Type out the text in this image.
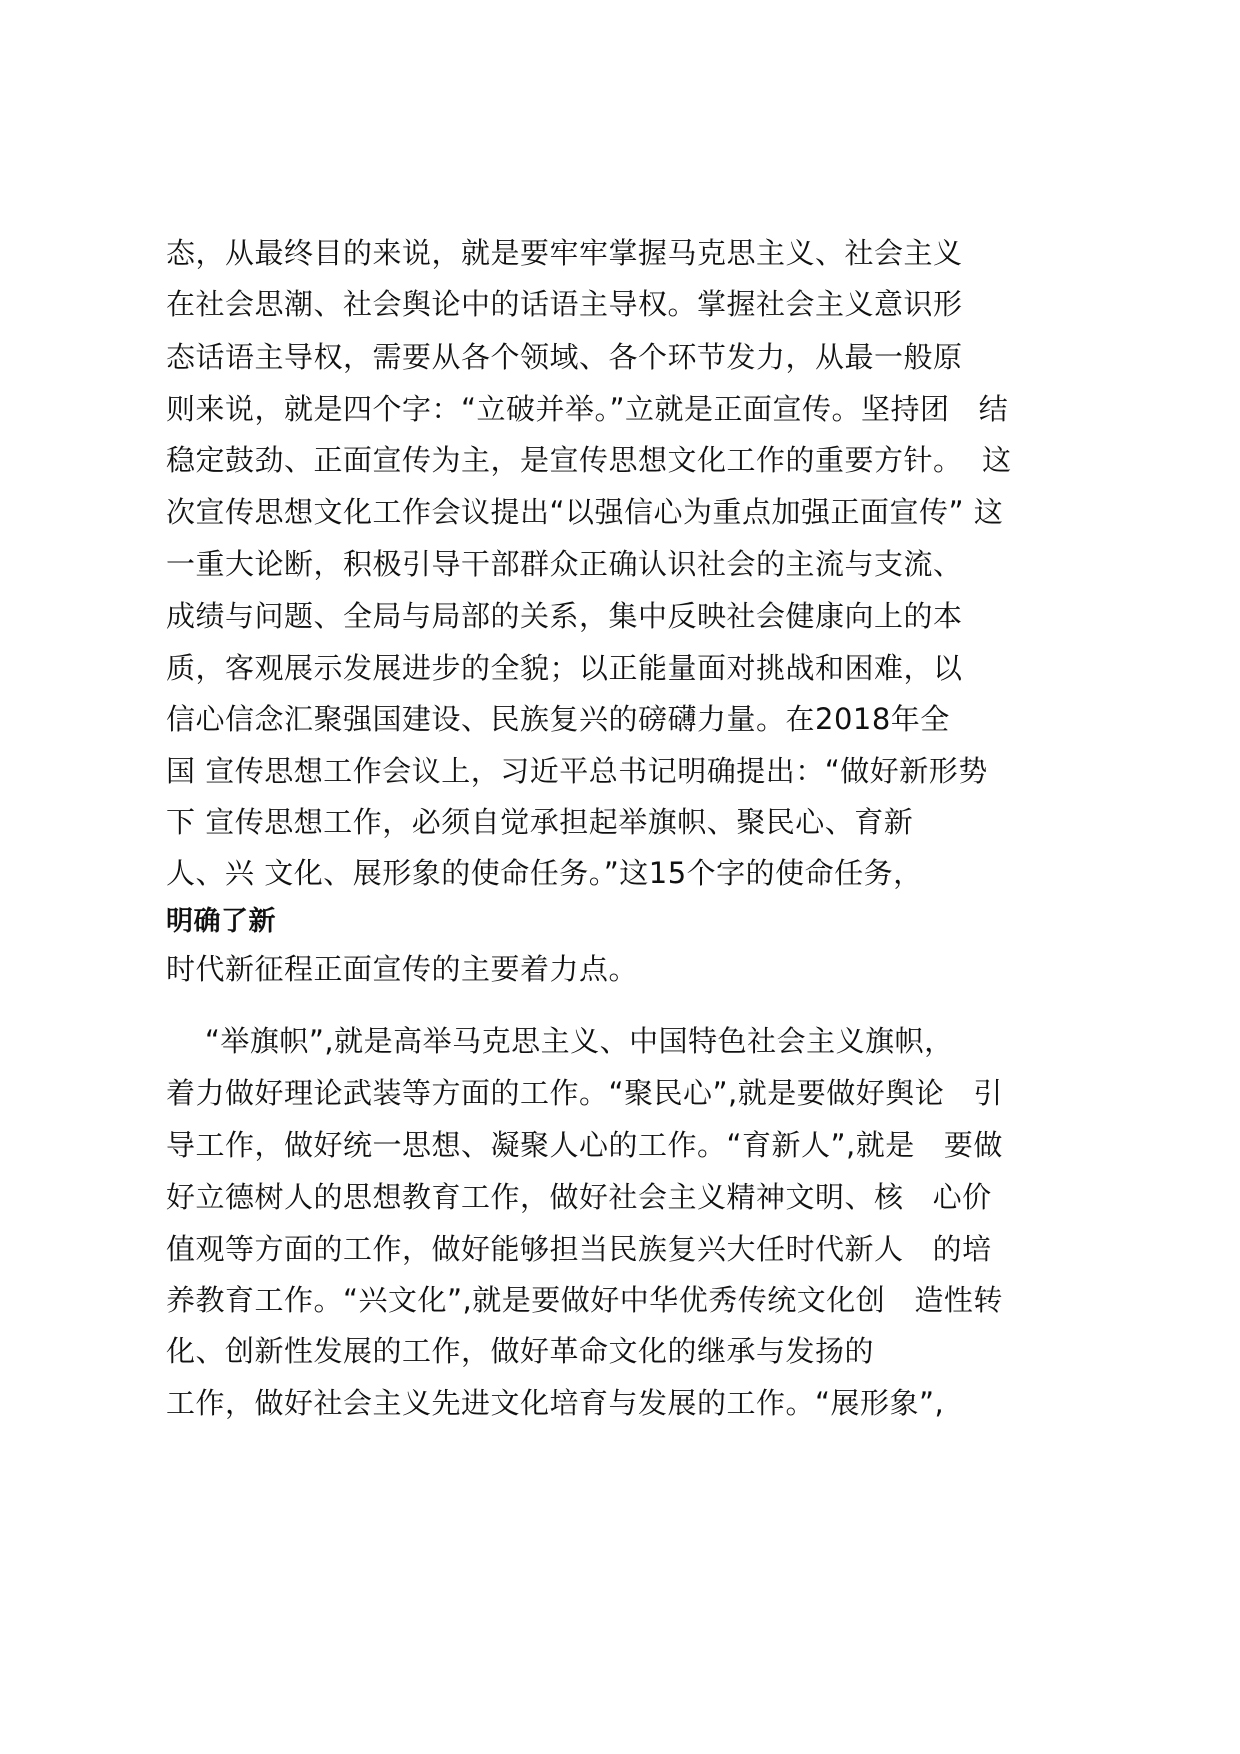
态，从最终目的来说，就是要牢牢掌握马克思主义、社会主义
在社会思潮、社会舆论中的话语主导权。掌握社会主义意识形
态话语主导权，需要从各个领域、各个环节发力，从最一般原
则来说，就是四个字：“立破并举。”立就是正面宣传。坚持团   结
稳定鼓劲、正面宣传为主，是宣传思想文化工作的重要方针。  这
次宣传思想文化工作会议提出“以强信心为重点加强正面宣传” 这
一重大论断，积极引导干部群众正确认识社会的主流与支流、
成绩与问题、全局与局部的关系，集中反映社会健康向上的本
质，客观展示发展进步的全貌；以正能量面对挑战和困难，以
信心信念汇聚强国建设、民族复兴的磅礴力量。在2018年全
国 宣传思想工作会议上，习近平总书记明确提出：“做好新形势
下 宣传思想工作，必须自觉承担起举旗帜、聚民心、育新
人、兴 文化、展形象的使命任务。”这15个字的使命任务，
明确了新
时代新征程正面宣传的主要着力点。
“举旗帜”,就是高举马克思主义、中国特色社会主义旗帜，
着力做好理论武装等方面的工作。“聚民心”,就是要做好舆论   引
导工作，做好统一思想、凝聚人心的工作。“育新人”,就是   要做
好立德树人的思想教育工作，做好社会主义精神文明、核   心价
值观等方面的工作，做好能够担当民族复兴大任时代新人   的培
养教育工作。“兴文化”,就是要做好中华优秀传统文化创   造性转
化、创新性发展的工作，做好革命文化的继承与发扬的
工作，做好社会主义先进文化培育与发展的工作。“展形象”,
